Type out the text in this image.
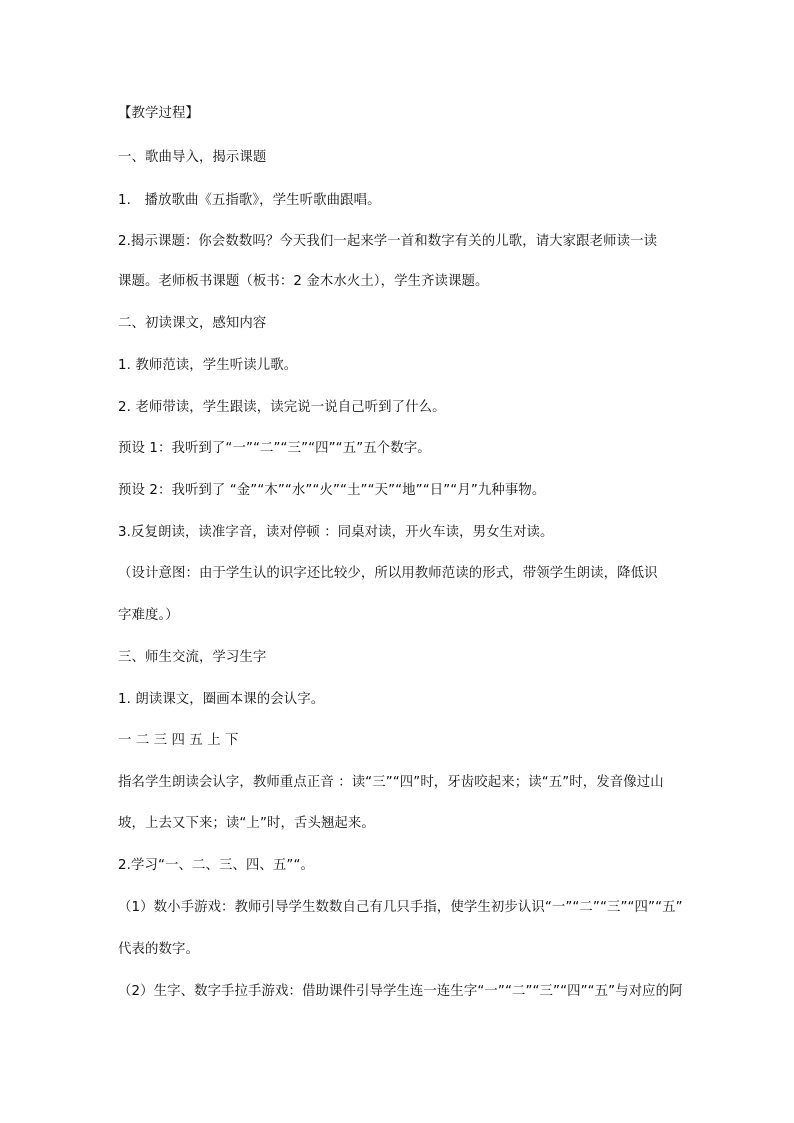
【教学过程】
一、歌曲导入，揭示课题
1.　播放歌曲《五指歌》，学生听歌曲跟唱。
2.揭示课题：你会数数吗？今天我们一起来学一首和数字有关的儿歌，请大家跟老师读一读
课题。老师板书课题（板书：2 金木水火土），学生齐读课题。
二、初读课文，感知内容
1. 教师范读，学生听读儿歌。
2. 老师带读，学生跟读，读完说一说自己听到了什么。
预设 1：我听到了“一”“二”“三”“四”“五”五个数字。
预设 2：我听到了 “金”“木”“水”“火”“土”“天”“地”“日”“月”九种事物。
3.反复朗读，读准字音，读对停顿 ：同桌对读，开火车读，男女生对读。
（设计意图：由于学生认的识字还比较少，所以用教师范读的形式，带领学生朗读，降低识
字难度。）
三、师生交流，学习生字
1. 朗读课文，圈画本课的会认字。
一 二 三 四 五 上 下
指名学生朗读会认字，教师重点正音 ：读“三”“四”时，牙齿咬起来；读“五”时，发音像过山
坡，上去又下来；读“上”时，舌头翘起来。
2.学习“一、二、三、四、五”“。
（1）数小手游戏：教师引导学生数数自己有几只手指，使学生初步认识“一”“二”“三”“四”“五”
代表的数字。
（2）生字、数字手拉手游戏：借助课件引导学生连一连生字“一”“二”“三”“四”“五”与对应的阿
